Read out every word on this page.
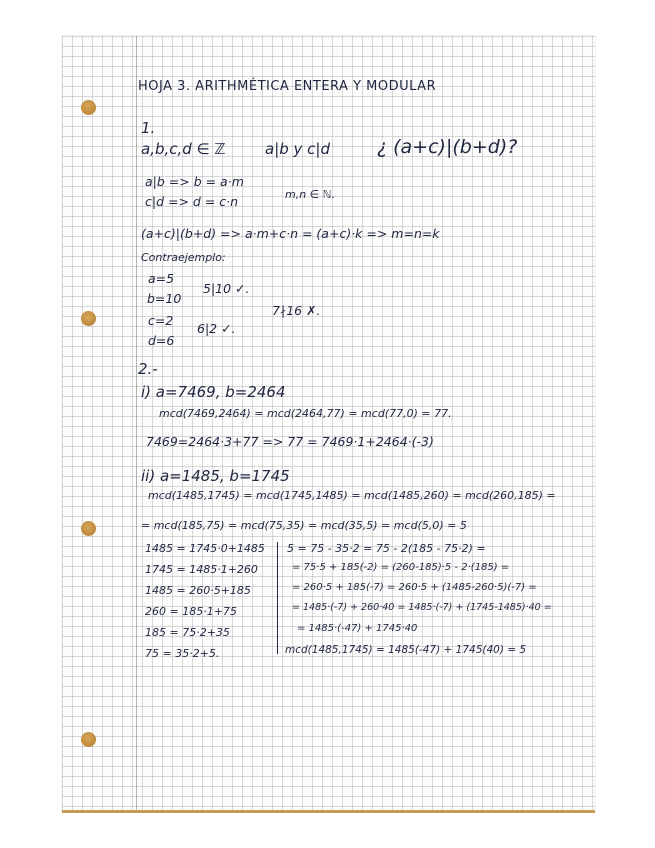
HOJA 3. ARITHMÉTICA ENTERA Y MODULAR
1.
a,b,c,d ∈ ℤ	a|b y c|d ¿ (a+c)|(b+d)?
a|b => b = a·m
c|d => d = c·n	m,n ∈ ℕ.
(a+c)|(b+d) => a·m+c·n = (a+c)·k => m=n=k
Contraejemplo:
a=5
b=10
c=2
d=6
5|10 ✓.
6|2 ✓.
7∤16 ✗.
2.-
i) a=7469, b=2464
mcd(7469,2464) = mcd(2464,77) = mcd(77,0) = 77.
7469=2464·3+77 => 77 = 7469·1+2464·(-3)
ii) a=1485, b=1745
mcd(1485,1745) = mcd(1745,1485) = mcd(1485,260) = mcd(260,185) =
= mcd(185,75) = mcd(75,35) = mcd(35,5) = mcd(5,0) = 5
1485 = 1745·0+1485
1745 = 1485·1+260
1485 = 260·5+185
260 = 185·1+75
185 = 75·2+35
75 = 35·2+5.
5 = 75 - 35·2 = 75 - 2(185 - 75·2) =
= 75·5 + 185(-2) = (260-185)·5 - 2·(185) =
= 260·5 + 185(-7) = 260·5 + (1485-260·5)(-7) =
= 1485·(-7) + 260·40 = 1485·(-7) + (1745-1485)·40 =
= 1485·(-47) + 1745·40
mcd(1485,1745) = 1485(-47) + 1745(40) = 5
